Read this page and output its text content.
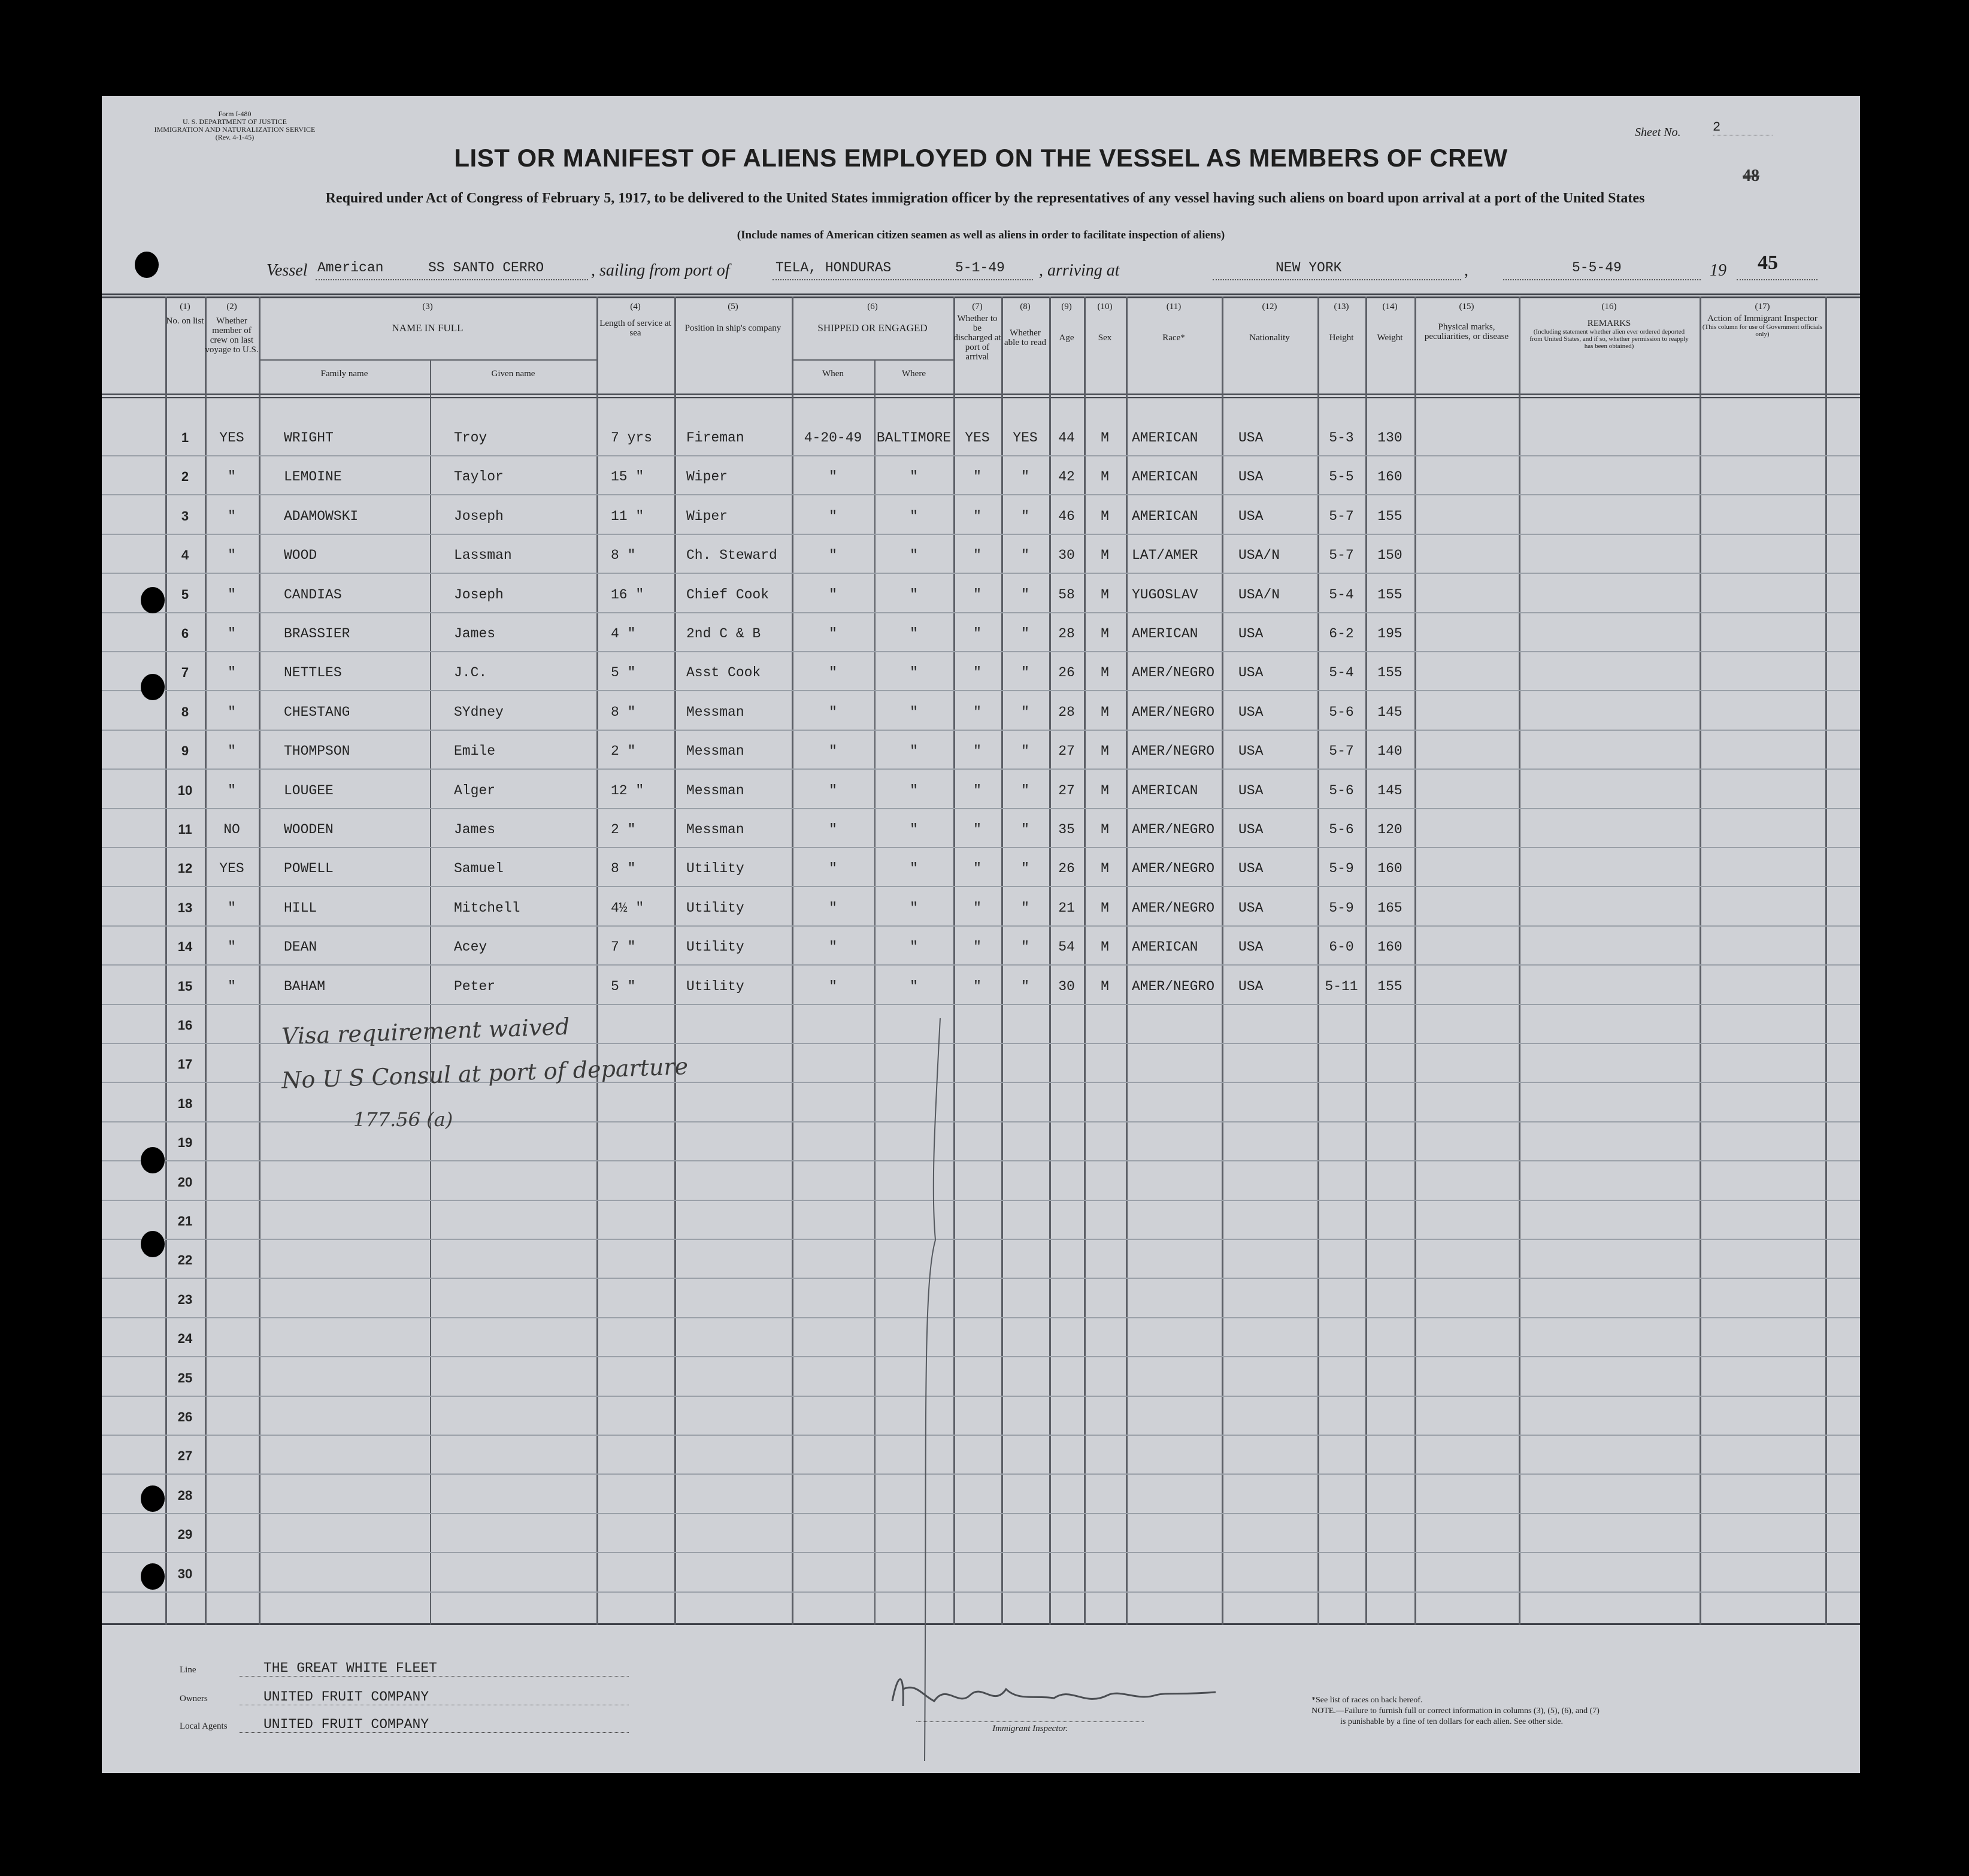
Form I-480
U. S. DEPARTMENT OF JUSTICE
IMMIGRATION AND NATURALIZATION SERVICE
(Rev. 4-1-45)	Sheet No. 2
LIST OR MANIFEST OF ALIENS EMPLOYED ON THE VESSEL AS MEMBERS OF CREW
Required under Act of Congress of February 5, 1917, to be delivered to the United States immigration officer by the representatives of any vessel having such aliens on board upon arrival at a port of the United States
(Include names of American citizen seamen as well as aliens in order to facilitate inspection of aliens)
48
Vessel American	SS SANTO CERRO	, sailing from port of	TELA, HONDURAS	5-1-49 , arriving at	NEW YORK	,	5-5-49	19 45
(1)
No. on list
(2)
Whether member of crew on last voyage to U.S.
(3)
NAME IN FULL
Family name	Given name
(4)
Length of service at sea
(5)
Position in ship's company
(6)
SHIPPED OR ENGAGED
When	Where
(7)
Whether to be discharged at port of arrival
(8)
Whether able to read
(9)
Age
(10)
Sex
(11)
Race*
(12)
Nationality
(13)
Height
(14)
Weight
(15)
Physical marks, peculiarities, or disease
(16)
REMARKS
(Including statement whether alien ever ordered deported from United States, and if so, whether permission to reapply has been obtained)
(17)
Action of Immigrant Inspector
(This column for use of Government officials only)
1	YES	WRIGHT	Troy	7 yrs	Fireman	4-20-49	BALTIMORE	YES	YES	44	M	AMERICAN	USA	5-3	130
2	"	LEMOINE	Taylor	15 "	Wiper	"	"	"	"	42	M	AMERICAN	USA	5-5	160
3	"	ADAMOWSKI	Joseph	11 "	Wiper	"	"	"	"	46	M	AMERICAN	USA	5-7	155
4	"	WOOD	Lassman	8 "	Ch. Steward	"	"	"	"	30	M	LAT/AMER	USA/N	5-7	150
5	"	CANDIAS	Joseph	16 "	Chief Cook	"	"	"	"	58	M	YUGOSLAV	USA/N	5-4	155
6	"	BRASSIER	James	4 "	2nd C & B	"	"	"	"	28	M	AMERICAN	USA	6-2	195
7	"	NETTLES	J.C.	5 "	Asst Cook	"	"	"	"	26	M	AMER/NEGRO	USA	5-4	155
8	"	CHESTANG	SYdney	8 "	Messman	"	"	"	"	28	M	AMER/NEGRO	USA	5-6	145
9	"	THOMPSON	Emile	2 "	Messman	"	"	"	"	27	M	AMER/NEGRO	USA	5-7	140
10	"	LOUGEE	Alger	12 "	Messman	"	"	"	"	27	M	AMERICAN	USA	5-6	145
11	NO	WOODEN	James	2 "	Messman	"	"	"	"	35	M	AMER/NEGRO	USA	5-6	120
12	YES	POWELL	Samuel	8 "	Utility	"	"	"	"	26	M	AMER/NEGRO	USA	5-9	160
13	"	HILL	Mitchell	4½ "	Utility	"	"	"	"	21	M	AMER/NEGRO	USA	5-9	165
14	"	DEAN	Acey	7 "	Utility	"	"	"	"	54	M	AMERICAN	USA	6-0	160
15	"	BAHAM	Peter	5 "	Utility	"	"	"	"	30	M	AMER/NEGRO	USA	5-11	155
16
17
18
19
20
21
22
23
24
25
26
27
28
29
30
Visa requirement waived
No U S Consul at port of departure
177.56 (a)
Line	THE GREAT WHITE FLEET
Owners	UNITED FRUIT COMPANY
Local Agents	UNITED FRUIT COMPANY	Immigrant Inspector.
*See list of races on back hereof.
NOTE.—Failure to furnish full or correct information in columns (3), (5), (6), and (7)
is punishable by a fine of ten dollars for each alien. See other side.
